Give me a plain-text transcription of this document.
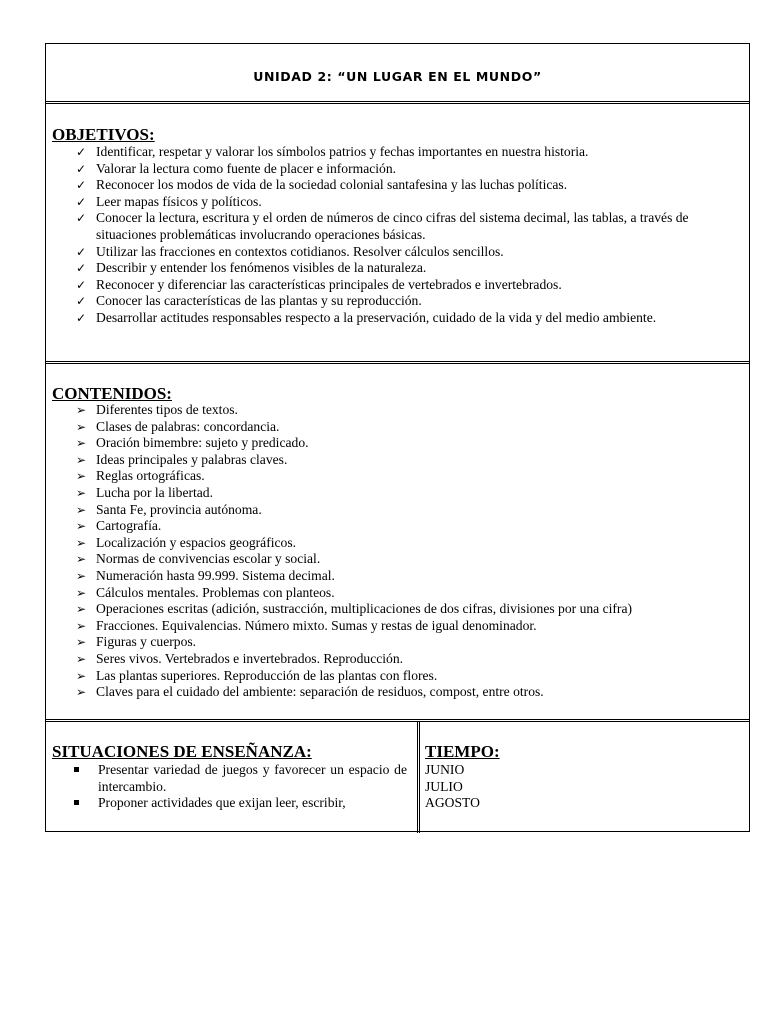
UNIDAD 2: “UN LUGAR EN EL MUNDO”
OBJETIVOS:
✓ Identificar, respetar y valorar los símbolos patrios y fechas importantes en nuestra historia.
✓ Valorar la lectura como fuente de placer e información.
✓ Reconocer los modos de vida de la sociedad colonial santafesina y las luchas políticas.
✓ Leer mapas físicos y políticos.
✓ Conocer la lectura, escritura y el orden de números de cinco cifras del sistema decimal, las tablas, a través de situaciones problemáticas involucrando operaciones básicas.
✓ Utilizar las fracciones en contextos cotidianos. Resolver cálculos sencillos.
✓ Describir y entender los fenómenos visibles de la naturaleza.
✓ Reconocer y diferenciar las características principales de vertebrados e invertebrados.
✓ Conocer las características de las plantas y su reproducción.
✓ Desarrollar actitudes responsables respecto a la preservación, cuidado de la vida y del medio ambiente.
CONTENIDOS:
➢ Diferentes tipos de textos.
➢ Clases de palabras: concordancia.
➢ Oración bimembre: sujeto y predicado.
➢ Ideas principales y palabras claves.
➢ Reglas ortográficas.
➢ Lucha por la libertad.
➢ Santa Fe, provincia autónoma.
➢ Cartografía.
➢ Localización y espacios geográficos.
➢ Normas de convivencias escolar y social.
➢ Numeración hasta 99.999. Sistema decimal.
➢ Cálculos mentales. Problemas con planteos.
➢ Operaciones escritas (adición, sustracción, multiplicaciones de dos cifras, divisiones por una cifra)
➢ Fracciones. Equivalencias. Número mixto. Sumas y restas de igual denominador.
➢ Figuras y cuerpos.
➢ Seres vivos. Vertebrados e invertebrados. Reproducción.
➢ Las plantas superiores. Reproducción de las plantas con flores.
➢ Claves para el cuidado del ambiente: separación de residuos, compost, entre otros.
SITUACIONES DE ENSEÑANZA:
Presentar variedad de juegos y favorecer un espacio de intercambio.
Proponer actividades que exijan leer, escribir,
TIEMPO:
JUNIO
JULIO
AGOSTO
